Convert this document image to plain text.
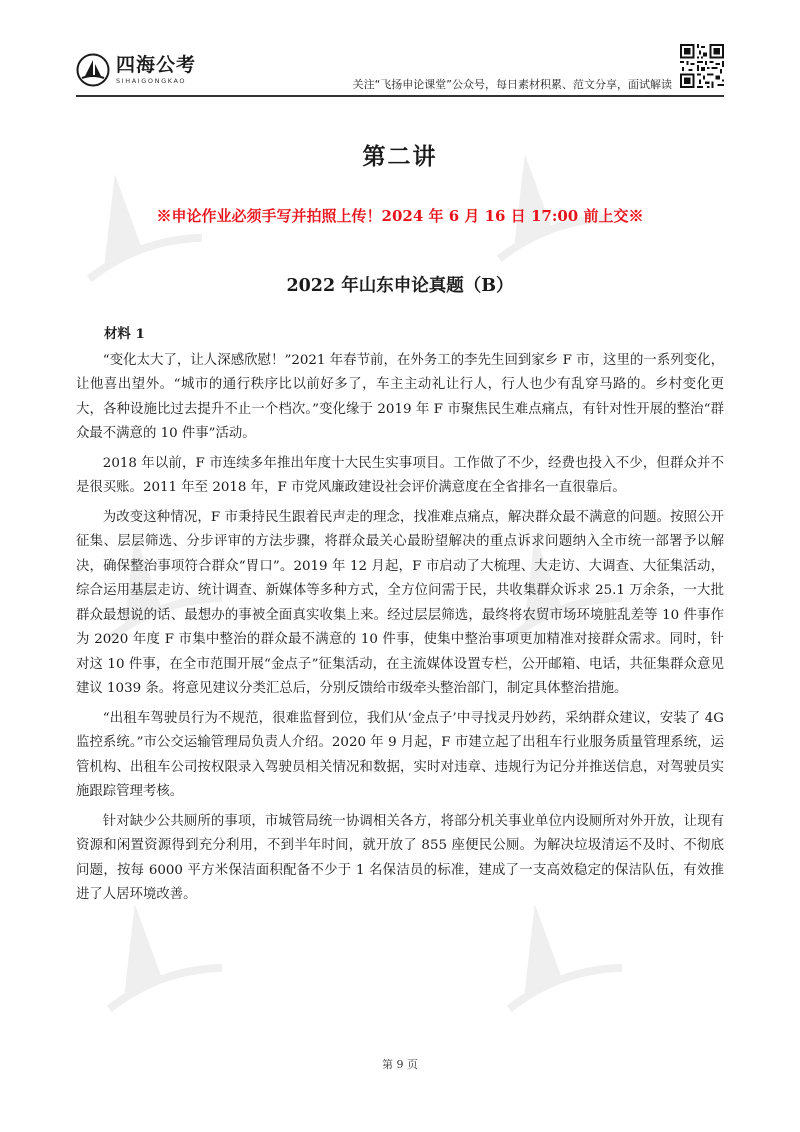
四海公考
SIHAIGONGKAO	关注“飞扬申论课堂”公众号，每日素材积累、范文分享，面试解读
第二讲
※申论作业必须手写并拍照上传！2024 年 6 月 16 日 17:00 前上交※
2022 年山东申论真题（B）
材料 1

“变化太大了，让人深感欣慰！”2021 年春节前，在外务工的李先生回到家乡 F 市，这里的一系列变化，让他喜出望外。“城市的通行秩序比以前好多了，车主主动礼让行人，行人也少有乱穿马路的。乡村变化更大，各种设施比过去提升不止一个档次。”变化缘于 2019 年 F 市聚焦民生难点痛点，有针对性开展的整治“群众最不满意的 10 件事”活动。

2018 年以前，F 市连续多年推出年度十大民生实事项目。工作做了不少，经费也投入不少，但群众并不是很买账。2011 年至 2018 年，F 市党风廉政建设社会评价满意度在全省排名一直很靠后。

为改变这种情况，F 市秉持民生跟着民声走的理念，找准难点痛点，解决群众最不满意的问题。按照公开征集、层层筛选、分步评审的方法步骤，将群众最关心最盼望解决的重点诉求问题纳入全市统一部署予以解决，确保整治事项符合群众“胃口”。2019 年 12 月起，F 市启动了大梳理、大走访、大调查、大征集活动，综合运用基层走访、统计调查、新媒体等多种方式，全方位问需于民，共收集群众诉求 25.1 万余条，一大批群众最想说的话、最想办的事被全面真实收集上来。经过层层筛选，最终将农贸市场环境脏乱差等 10 件事作为 2020 年度 F 市集中整治的群众最不满意的 10 件事，使集中整治事项更加精准对接群众需求。同时，针对这 10 件事，在全市范围开展“金点子”征集活动，在主流媒体设置专栏，公开邮箱、电话，共征集群众意见建议 1039 条。将意见建议分类汇总后，分别反馈给市级牵头整治部门，制定具体整治措施。

“出租车驾驶员行为不规范，很难监督到位，我们从‘金点子’中寻找灵丹妙药，采纳群众建议，安装了 4G 监控系统。”市公交运输管理局负责人介绍。2020 年 9 月起，F 市建立起了出租车行业服务质量管理系统，运管机构、出租车公司按权限录入驾驶员相关情况和数据，实时对违章、违规行为记分并推送信息，对驾驶员实施跟踪管理考核。

针对缺少公共厕所的事项，市城管局统一协调相关各方，将部分机关事业单位内设厕所对外开放，让现有资源和闲置资源得到充分利用，不到半年时间，就开放了 855 座便民公厕。为解决垃圾清运不及时、不彻底问题，按每 6000 平方米保洁面积配备不少于 1 名保洁员的标准，建成了一支高效稳定的保洁队伍，有效推进了人居环境改善。

第 9 页
